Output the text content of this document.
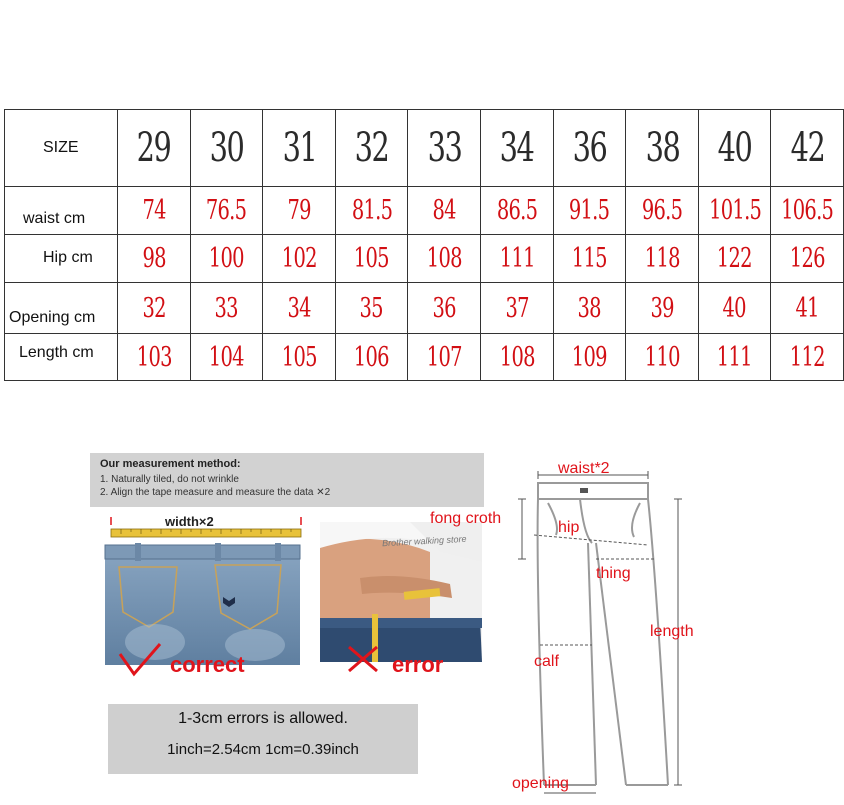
SIZE	29	30	31	32	33	34	36	38	40	42
waist cm	74	76.5	79	81.5	84	86.5	91.5	96.5	101.5	106.5
Hip cm	98	100	102	105	108	111	115	118	122	126
Opening cm	32	33	34	35	36	37	38	39	40	41
Length cm	103	104	105	106	107	108	109	110	111	112
Our measurement method:
1. Naturally tiled, do not wrinkle
2. Align the tape measure and measure the data ✕2
width×2
Brother walking store
correct	error
1-3cm errors is allowed.
1inch=2.54cm 1cm=0.39inch
waist*2
fong croth
hip
thing
length
calf
opening
